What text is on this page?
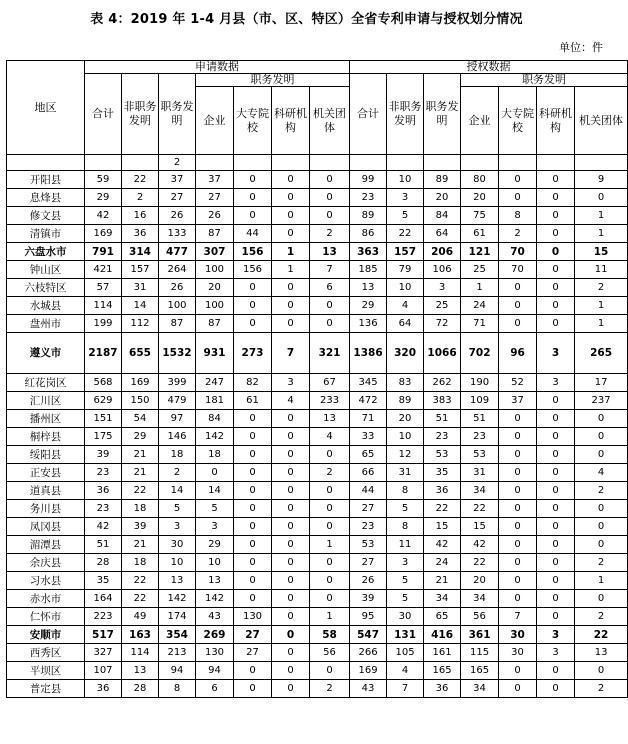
表 4：2019 年 1-4 月县（市、区、特区）全省专利申请与授权划分情况
单位：件
地区	申请数据							授权数据						
	合计	非职务发明	职务发明	职务发明				合计	非职务发明	职务发明	职务发明			
				企业	大专院校	科研机构	机关团体				企业	大专院校	科研机构	机关团体
			2											
开阳县	59	22	37	37	0	0	0	99	10	89	80	0	0	9
息烽县	29	2	27	27	0	0	0	23	3	20	20	0	0	0
修文县	42	16	26	26	0	0	0	89	5	84	75	8	0	1
清镇市	169	36	133	87	44	0	2	86	22	64	61	2	0	1
六盘水市	791	314	477	307	156	1	13	363	157	206	121	70	0	15
钟山区	421	157	264	100	156	1	7	185	79	106	25	70	0	11
六枝特区	57	31	26	20	0	0	6	13	10	3	1	0	0	2
水城县	114	14	100	100	0	0	0	29	4	25	24	0	0	1
盘州市	199	112	87	87	0	0	0	136	64	72	71	0	0	1
遵义市	2187	655	1532	931	273	7	321	1386	320	1066	702	96	3	265
红花岗区	568	169	399	247	82	3	67	345	83	262	190	52	3	17
汇川区	629	150	479	181	61	4	233	472	89	383	109	37	0	237
播州区	151	54	97	84	0	0	13	71	20	51	51	0	0	0
桐梓县	175	29	146	142	0	0	4	33	10	23	23	0	0	0
绥阳县	39	21	18	18	0	0	0	65	12	53	53	0	0	0
正安县	23	21	2	0	0	0	2	66	31	35	31	0	0	4
道真县	36	22	14	14	0	0	0	44	8	36	34	0	0	2
务川县	23	18	5	5	0	0	0	27	5	22	22	0	0	0
凤冈县	42	39	3	3	0	0	0	23	8	15	15	0	0	0
湄潭县	51	21	30	29	0	0	1	53	11	42	42	0	0	0
余庆县	28	18	10	10	0	0	0	27	3	24	22	0	0	2
习水县	35	22	13	13	0	0	0	26	5	21	20	0	0	1
赤水市	164	22	142	142	0	0	0	39	5	34	34	0	0	0
仁怀市	223	49	174	43	130	0	1	95	30	65	56	7	0	2
安顺市	517	163	354	269	27	0	58	547	131	416	361	30	3	22
西秀区	327	114	213	130	27	0	56	266	105	161	115	30	3	13
平坝区	107	13	94	94	0	0	0	169	4	165	165	0	0	0
普定县	36	28	8	6	0	0	2	43	7	36	34	0	0	2
